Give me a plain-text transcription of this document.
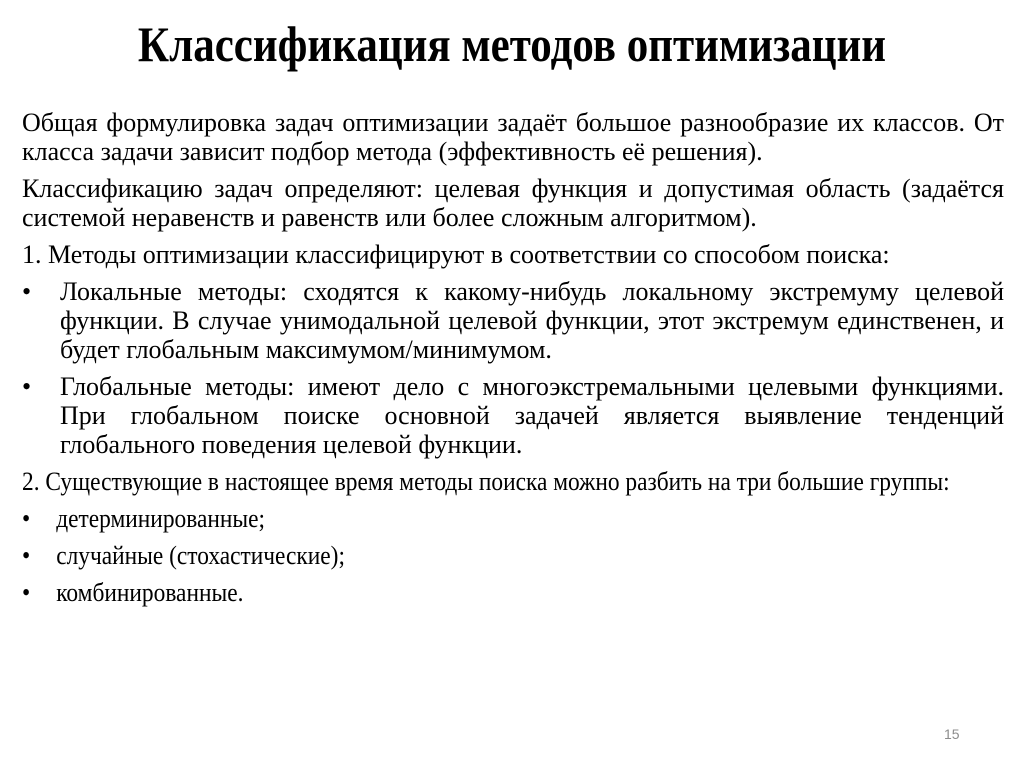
Классификация методов оптимизации

Общая формулировка задач оптимизации задаёт большое разнообразие их классов. От класса задачи зависит подбор метода (эффективность её решения).

Классификацию задач определяют: целевая функция и допустимая область (задаётся системой неравенств и равенств или более сложным алгоритмом).

1. Методы оптимизации классифицируют в соответствии со способом поиска:

• Локальные методы: сходятся к какому-нибудь локальному экстремуму целевой функции. В случае унимодальной целевой функции, этот экстремум единственен, и будет глобальным максимумом/минимумом.
• Глобальные методы: имеют дело с многоэкстремальными целевыми функциями. При глобальном поиске основной задачей является выявление тенденций глобального поведения целевой функции.

2. Существующие в настоящее время методы поиска можно разбить на три большие группы:

• детерминированные;
• случайные (стохастические);
• комбинированные.
15
